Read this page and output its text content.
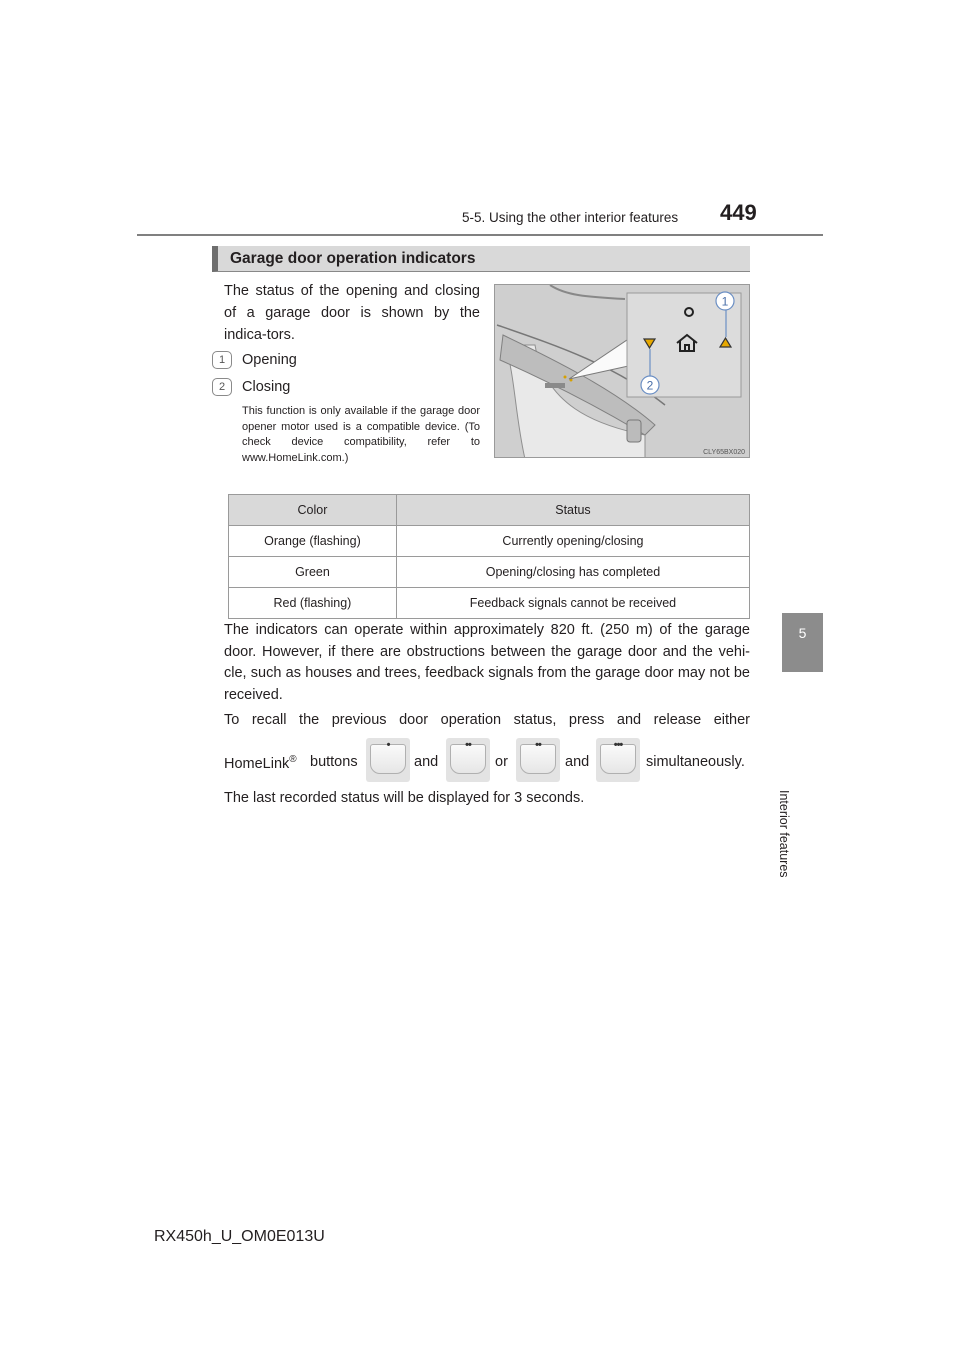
5-5. Using the other interior features 449
5
Interior features
Garage door operation indicators
The status of the opening and closing of a garage door is shown by the indica-tors.
1	Opening
2	Closing
This function is only available if the garage door opener motor used is a compatible device. (To check device compatibility, refer to www.HomeLink.com.)
1
2
CLY65BX020
Color	Status
Orange (flashing)	Currently opening/closing
Green	Opening/closing has completed
Red (flashing)	Feedback signals cannot be received
The indicators can operate within approximately 820 ft. (250 m) of the garage door. However, if there are obstructions between the garage door and the vehi-cle, such as houses and trees, feedback signals from the garage door may not be received.
To recall the previous door operation status, press and release either
HomeLink® buttons
•
and
••
or
••
and
•••
simultaneously.
The last recorded status will be displayed for 3 seconds.
RX450h_U_OM0E013U
